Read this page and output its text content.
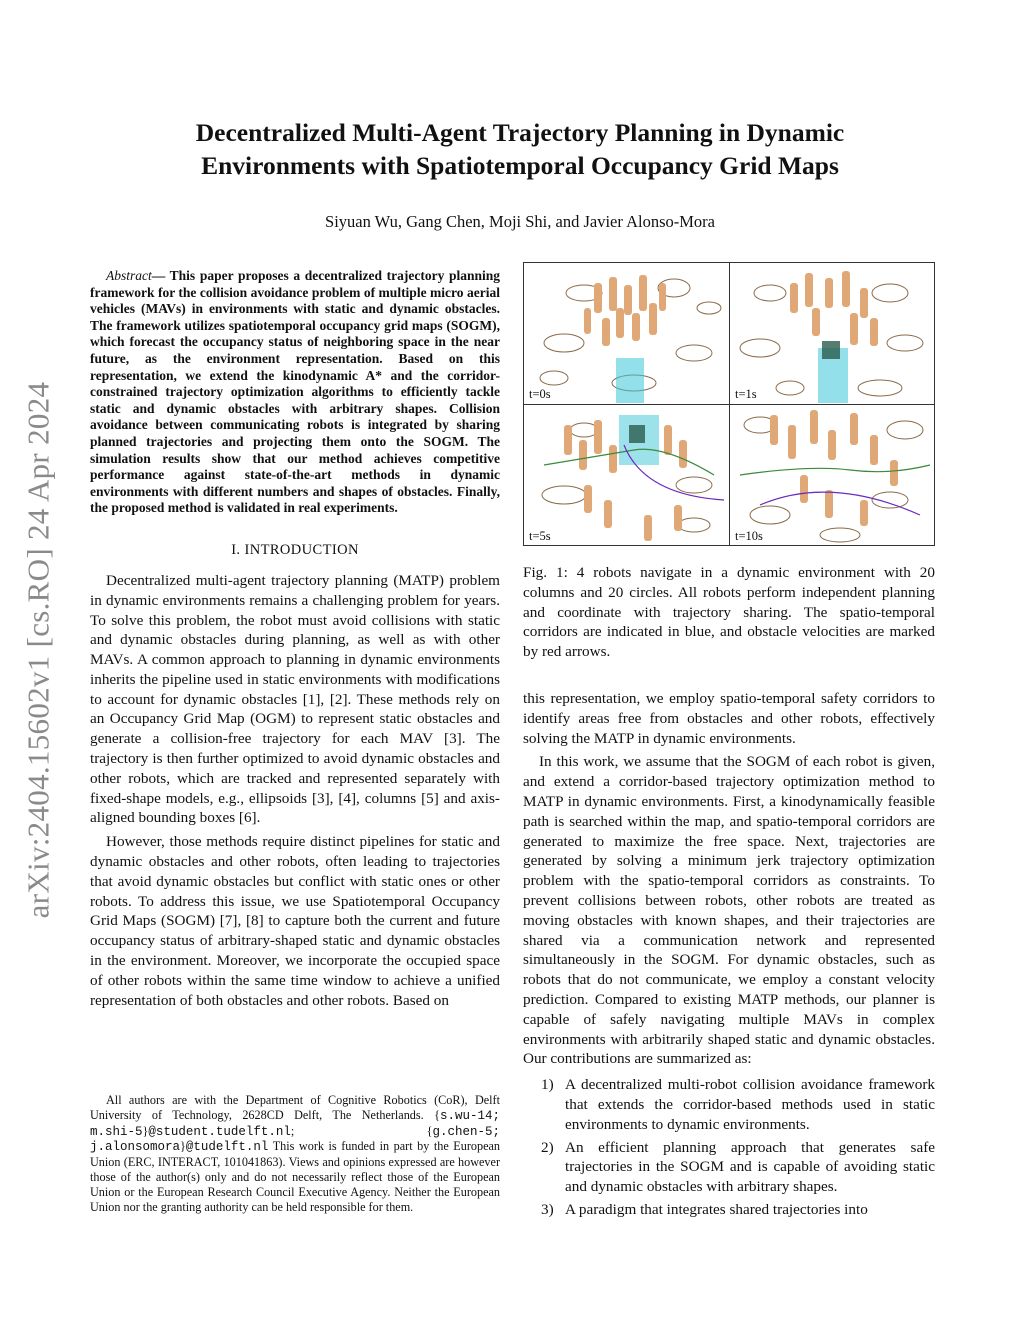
arXiv:2404.15602v1 [cs.RO] 24 Apr 2024
Decentralized Multi-Agent Trajectory Planning in Dynamic
Environments with Spatiotemporal Occupancy Grid Maps
Siyuan Wu, Gang Chen, Moji Shi, and Javier Alonso-Mora

Abstract— This paper proposes a decentralized trajectory planning framework for the collision avoidance problem of multiple micro aerial vehicles (MAVs) in environments with static and dynamic obstacles. The framework utilizes spatiotemporal occupancy grid maps (SOGM), which forecast the occupancy status of neighboring space in the near future, as the environment representation. Based on this representation, we extend the kinodynamic A* and the corridor-constrained trajectory optimization algorithms to efficiently tackle static and dynamic obstacles with arbitrary shapes. Collision avoidance between communicating robots is integrated by sharing planned trajectories and projecting them onto the SOGM. The simulation results show that our method achieves competitive performance against state-of-the-art methods in dynamic environments with different numbers and shapes of obstacles. Finally, the proposed method is validated in real experiments.

I. INTRODUCTION

Decentralized multi-agent trajectory planning (MATP) problem in dynamic environments remains a challenging problem for years. To solve this problem, the robot must avoid collisions with static and dynamic obstacles during planning, as well as with other MAVs. A common approach to planning in dynamic environments inherits the pipeline used in static environments with modifications to account for dynamic obstacles [1], [2]. These methods rely on an Occupancy Grid Map (OGM) to represent static obstacles and generate a collision-free trajectory for each MAV [3]. The trajectory is then further optimized to avoid dynamic obstacles and other robots, which are tracked and represented separately with fixed-shape models, e.g., ellipsoids [3], [4], columns [5] and axis-aligned bounding boxes [6].

However, those methods require distinct pipelines for static and dynamic obstacles and other robots, often leading to trajectories that avoid dynamic obstacles but conflict with static ones or other robots. To address this issue, we use Spatiotemporal Occupancy Grid Maps (SOGM) [7], [8] to capture both the current and future occupancy status of arbitrary-shaped static and dynamic obstacles in the environment. Moreover, we incorporate the occupied space of other robots within the same time window to achieve a unified representation of both obstacles and other robots. Based on

All authors are with the Department of Cognitive Robotics (CoR), Delft University of Technology, 2628CD Delft, The Netherlands. {s.wu-14; m.shi-5}@student.tudelft.nl; {g.chen-5; j.alonsomora}@tudelft.nl This work is funded in part by the European Union (ERC, INTERACT, 101041863). Views and opinions expressed are however those of the author(s) only and do not necessarily reflect those of the European Union or the European Research Council Executive Agency. Neither the European Union nor the granting authority can be held responsible for them.
t=0s	t=1s
t=5s	t=10s

Fig. 1: 4 robots navigate in a dynamic environment with 20 columns and 20 circles. All robots perform independent planning and coordinate with trajectory sharing. The spatio-temporal corridors are indicated in blue, and obstacle velocities are marked by red arrows.

this representation, we employ spatio-temporal safety corridors to identify areas free from obstacles and other robots, effectively solving the MATP in dynamic environments.

In this work, we assume that the SOGM of each robot is given, and extend a corridor-based trajectory optimization method to MATP in dynamic environments. First, a kinodynamically feasible path is searched within the map, and spatio-temporal corridors are generated to maximize the free space. Next, trajectories are generated by solving a minimum jerk trajectory optimization problem with the spatio-temporal corridors as constraints. To prevent collisions between robots, other robots are treated as moving obstacles with known shapes, and their trajectories are shared via a communication network and represented simultaneously in the SOGM. For dynamic obstacles, such as robots that do not communicate, we employ a constant velocity prediction. Compared to existing MATP methods, our planner is capable of safely navigating multiple MAVs in complex environments with arbitrarily shaped static and dynamic obstacles. Our contributions are summarized as:

1) A decentralized multi-robot collision avoidance framework that extends the corridor-based methods used in static environments to dynamic environments.
2) An efficient planning approach that generates safe trajectories in the SOGM and is capable of avoiding static and dynamic obstacles with arbitrary shapes.
3) A paradigm that integrates shared trajectories into
